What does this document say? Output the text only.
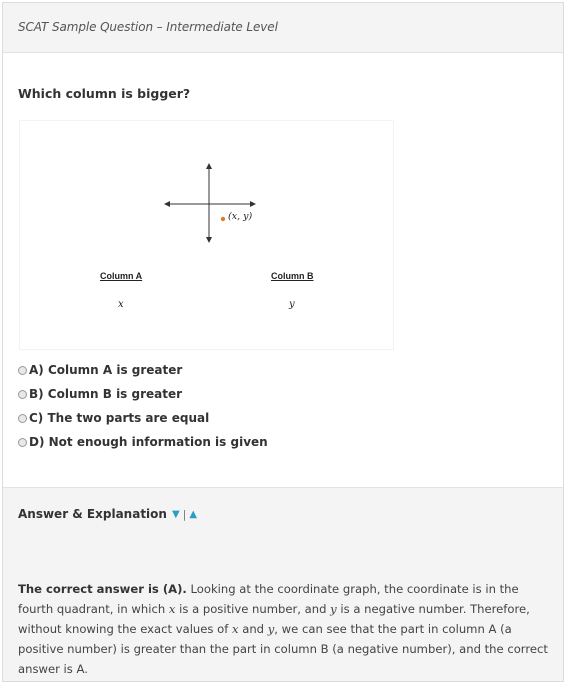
SCAT Sample Question – Intermediate Level
Which column is bigger?
(x, y)
Column A	Column B
x	y
A) Column A is greater
B) Column B is greater
C) The two parts are equal
D) Not enough information is given
Answer & Explanation ▼ | ▲
The correct answer is (A). Looking at the coordinate graph, the coordinate is in the fourth quadrant, in which x is a positive number, and y is a negative number. Therefore, without knowing the exact values of x and y, we can see that the part in column A (a positive number) is greater than the part in column B (a negative number), and the correct answer is A.
